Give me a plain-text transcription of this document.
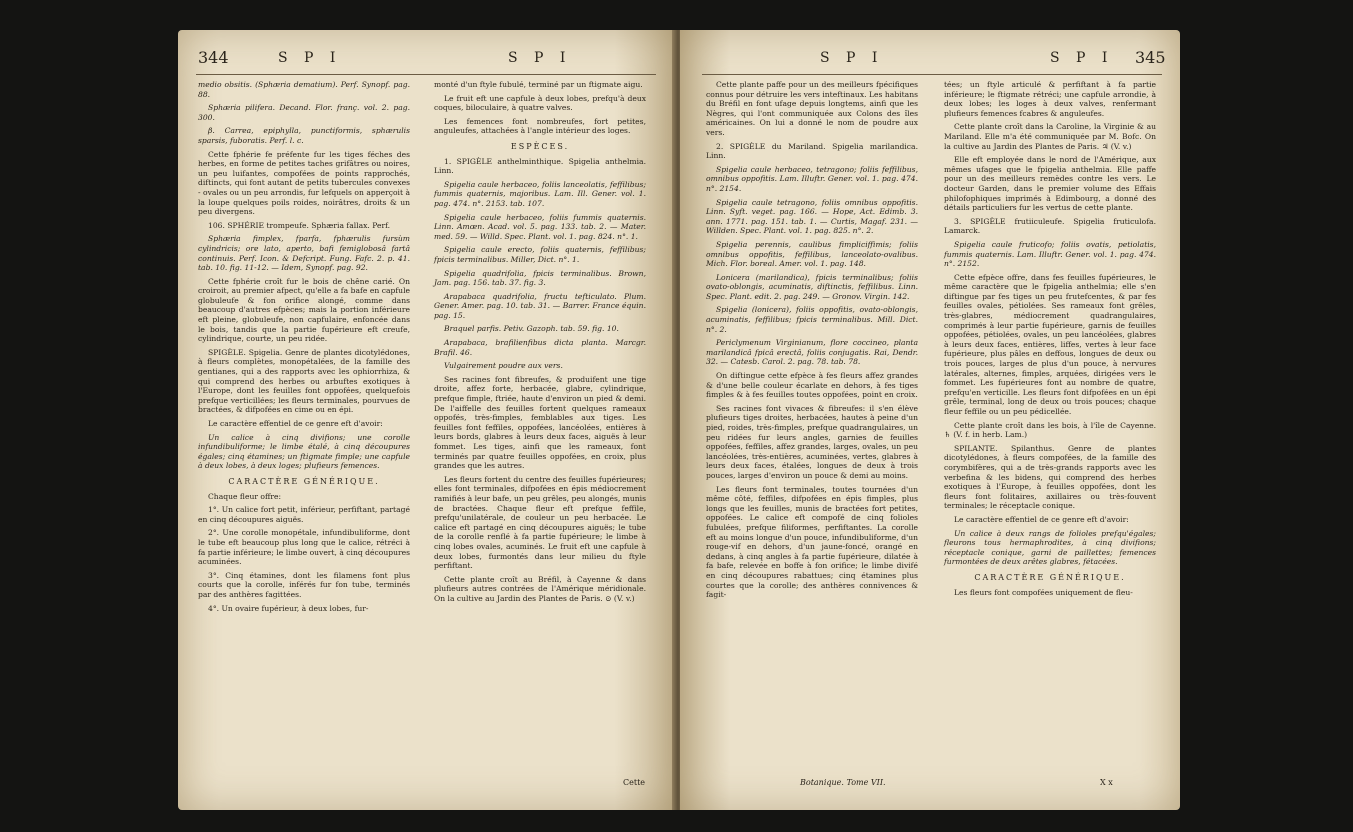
344	S P I	S P I

medio obsitis. (Sphæria dematium). Perf. Synopf. pag. 88.

Sphæria pilifera. Decand. Flor. franç. vol. 2. pag. 300.

β. Carrea, epiphylla, punctiformis, sphærulis sparsis, fuboratis. Perf. l. c.

Cette fphérie fe préfente fur les tiges féches des herbes, en forme de petites taches grifâtres ou noires, un peu luifantes, compofées de points rapprochés, diftincts, qui font autant de petits tubercules convexes - ovales ou un peu arrondis, fur lefquels on apperçoit à la loupe quelques poils roides, noirâtres, droits & un peu divergens.

106. SPHÉRIE trompeufe. Sphæria fallax. Perf.

Sphæria fimplex, fparfa, fphærulis fursùm cylindricis; ore lato, aperto, bafi femiglobosâ fartâ continuis. Perf. Icon. & Defcript. Fung. Fafc. 2. p. 41. tab. 10. fig. 11-12. — Idem, Synopf. pag. 92.

Cette fphérie croît fur le bois de chêne carié. On croiroit, au premier afpect, qu'elle a fa bafe en capfule globuleufe & fon orifice alongé, comme dans beaucoup d'autres efpèces; mais la portion inférieure eft pleine, globuleufe, non capfulaire, enfoncée dans le bois, tandis que la partie fupérieure eft creufe, cylindrique, courte, un peu ridée.

SPIGÈLE. Spigelia. Genre de plantes dicotylédones, à fleurs complètes, monopétalées, de la famille des gentianes, qui a des rapports avec les ophiorrhiza, & qui comprend des herbes ou arbuftes exotiques à l'Europe, dont les feuilles font oppofées, quelquefois prefque verticillées; les fleurs terminales, pourvues de bractées, & difpofées en cime ou en épi.

Le caractère effentiel de ce genre eft d'avoir:

Un calice à cinq divifions; une corolle infundibuliforme; le limbe étalé, à cinq découpures égales; cinq étamines; un ftigmate fimple; une capfule à deux lobes, à deux loges; plufieurs femences.

CARACTÈRE GÉNÉRIQUE.

Chaque fleur offre:

1°. Un calice fort petit, inférieur, perfiftant, partagé en cinq découpures aiguës.

2°. Une corolle monopétale, infundibuliforme, dont le tube eft beaucoup plus long que le calice, rétréci à fa partie inférieure; le limbe ouvert, à cinq découpures acuminées.

3°. Cinq étamines, dont les filamens font plus courts que la corolle, inférés fur fon tube, terminés par des anthères fagittées.

4°. Un ovaire fupérieur, à deux lobes, fur-

monté d'un ftyle fubulé, terminé par un ftigmate aigu.

Le fruit eft une capfule à deux lobes, prefqu'à deux coques, biloculaire, à quatre valves.

Les femences font nombreufes, fort petites, anguleufes, attachées à l'angle intérieur des loges.

ESPÈCES.

1. SPIGÈLE anthelminthique. Spigelia anthelmia. Linn.

Spigelia caule herbaceo, foliis lanceolatis, feffilibus; fummis quaternis, majoribus. Lam. Ill. Gener. vol. 1. pag. 474. n°. 2153. tab. 107.

Spigelia caule herbaceo, foliis fummis quaternis. Linn. Amœn. Acad. vol. 5. pag. 133. tab. 2. — Mater. med. 59. — Willd. Spec. Plant. vol. 1. pag. 824. n°. 1.

Spigelia caule erecto, foliis quaternis, feffilibus; fpicis terminalibus. Miller, Dict. n°. 1.

Spigelia quadrifolia, fpicis terminalibus. Brown, Jam. pag. 156. tab. 37. fig. 3.

Arapabaca quadrifolia, fructu tefticulato. Plum. Gener. Amer. pag. 10. tab. 31. — Barrer. France équin. pag. 15.

Braquel parfis. Petiv. Gazoph. tab. 59. fig. 10.

Arapabaca, brafilienfibus dicta planta. Marcgr. Brafil. 46.

Vulgairement poudre aux vers.

Ses racines font fibreufes, & produifent une tige droite, affez forte, herbacée, glabre, cylindrique, prefque fimple, ftriée, haute d'environ un pied & demi. De l'aiffelle des feuilles fortent quelques rameaux oppofés, très-fimples, femblables aux tiges. Les feuilles font feffiles, oppofées, lancéolées, entières à leurs bords, glabres à leurs deux faces, aiguës à leur fommet. Les tiges, ainfi que les rameaux, font terminés par quatre feuilles oppofées, en croix, plus grandes que les autres.

Les fleurs fortent du centre des feuilles fupérieures; elles font terminales, difpofées en épis médiocrement ramifiés à leur bafe, un peu grêles, peu alongés, munis de bractées. Chaque fleur eft prefque feffile, prefqu'unilatérale, de couleur un peu herbacée. Le calice eft partagé en cinq découpures aiguës; le tube de la corolle renflé à fa partie fupérieure; le limbe à cinq lobes ovales, acuminés. Le fruit eft une capfule à deux lobes, furmontés dans leur milieu du ftyle perfiftant.

Cette plante croît au Bréfil, à Cayenne & dans plufieurs autres contrées de l'Amérique méridionale. On la cultive au Jardin des Plantes de Paris. ⊙ (V. v.)

Cette
S P I	S P I 345

Cette plante paffe pour un des meilleurs fpécifiques connus pour détruire les vers inteftinaux. Les habitans du Bréfil en font ufage depuis longtems, ainfi que les Nègres, qui l'ont communiquée aux Colons des îles américaines. On lui a donné le nom de poudre aux vers.

2. SPIGÈLE du Mariland. Spigelia marilandica. Linn.

Spigelia caule herbaceo, tetragono; foliis feffilibus, omnibus oppofitis. Lam. Illuftr. Gener. vol. 1. pag. 474. n°. 2154.

Spigelia caule tetragono, foliis omnibus oppofitis. Linn. Syft. veget. pag. 166. — Hope, Act. Edimb. 3. ann. 1771. pag. 151. tab. 1. — Curtis, Magaf. 231. — Willden. Spec. Plant. vol. 1. pag. 825. n°. 2.

Spigelia perennis, caulibus fimpliciffimis; foliis omnibus oppofitis, feffilibus, lanceolato-ovalibus. Mich. Flor. boreal. Amer. vol. 1. pag. 148.

Lonicera (marilandica), fpicis terminalibus; foliis ovato-oblongis, acuminatis, diftinctis, feffilibus. Linn. Spec. Plant. edit. 2. pag. 249. — Gronov. Virgin. 142.

Spigelia (lonicera), foliis oppofitis, ovato-oblongis, acuminatis, feffilibus; fpicis terminalibus. Mill. Dict. n°. 2.

Periclymenum Virginianum, flore coccineo, planta marilandicâ fpicâ erectâ, foliis conjugatis. Rai, Dendr. 32. — Catesb. Carol. 2. pag. 78. tab. 78.

On diftingue cette efpèce à fes fleurs affez grandes & d'une belle couleur écarlate en dehors, à fes tiges fimples & à fes feuilles toutes oppofées, point en croix.

Ses racines font vivaces & fibreufes: il s'en élève plufieurs tiges droites, herbacées, hautes à peine d'un pied, roides, très-fimples, prefque quadrangulaires, un peu ridées fur leurs angles, garnies de feuilles oppofées, feffiles, affez grandes, larges, ovales, un peu lancéolées, très-entières, acuminées, vertes, glabres à leurs deux faces, étalées, longues de deux à trois pouces, larges d'environ un pouce & demi au moins.

Les fleurs font terminales, toutes tournées d'un même côté, feffiles, difpofées en épis fimples, plus longs que les feuilles, munis de bractées fort petites, oppofées. Le calice eft compofé de cinq folioles fubulées, prefque filiformes, perfiftantes. La corolle eft au moins longue d'un pouce, infundibuliforme, d'un rouge-vif en dehors, d'un jaune-foncé, orangé en dedans, à cinq angles à fa partie fupérieure, dilatée à fa bafe, relevée en boffe à fon orifice; le limbe divifé en cinq découpures rabattues; cinq étamines plus courtes que la corolle; des anthères connivences & fagit-

tées; un ftyle articulé & perfiftant à fa partie inférieure; le ftigmate rétréci; une capfule arrondie, à deux lobes; les loges à deux valves, renfermant plufieurs femences fcabres & anguleufes.

Cette plante croît dans la Caroline, la Virginie & au Mariland. Elle m'a été communiquée par M. Bofc. On la cultive au Jardin des Plantes de Paris. ♃ (V. v.)

Elle eft employée dans le nord de l'Amérique, aux mêmes ufages que le fpigelia anthelmia. Elle paffe pour un des meilleurs remèdes contre les vers. Le docteur Garden, dans le premier volume des Effais philofophiques imprimés à Edimbourg, a donné des détails particuliers fur les vertus de cette plante.

3. SPIGÈLE frutiiculeufe. Spigelia fruticulofa. Lamarck.

Spigelia caule fruticofo; foliis ovatis, petiolatis, fummis quaternis. Lam. Illuftr. Gener. vol. 1. pag. 474. n°. 2152.

Cette efpèce offre, dans fes feuilles fupérieures, le même caractère que le fpigelia anthelmia; elle s'en diftingue par fes tiges un peu frutefcentes, & par fes feuilles ovales, pétiolées. Ses rameaux font grêles, très-glabres, médiocrement quadrangulaires, comprimés à leur partie fupérieure, garnis de feuilles oppofées, pétiolées, ovales, un peu lancéolées, glabres à leurs deux faces, entières, liffes, vertes à leur face fupérieure, plus pâles en deffous, longues de deux ou trois pouces, larges de plus d'un pouce, à nervures latérales, alternes, fimples, arquées, dirigées vers le fommet. Les fupérieures font au nombre de quatre, prefqu'en verticille. Les fleurs font difpofées en un épi grêle, terminal, long de deux ou trois pouces; chaque fleur feffile ou un peu pédicellée.

Cette plante croît dans les bois, à l'île de Cayenne. ♄ (V. f. in herb. Lam.)

SPILANTE. Spilanthus. Genre de plantes dicotylédones, à fleurs compofées, de la famille des corymbifères, qui a de très-grands rapports avec les verbefina & les bidens, qui comprend des herbes exotiques à l'Europe, à feuilles oppofées, dont les fleurs font folitaires, axillaires ou très-fouvent terminales; le réceptacle conique.

Le caractère effentiel de ce genre eft d'avoir:

Un calice à deux rangs de folioles prefqu'égales; fleurons tous hermaphrodites, à cinq divifions; réceptacle conique, garni de paillettes; femences furmontées de deux arêtes glabres, fétacées.

CARACTÈRE GÉNÉRIQUE.

Les fleurs font compofées uniquement de fleu-

Botanique. Tome VII.	X x
